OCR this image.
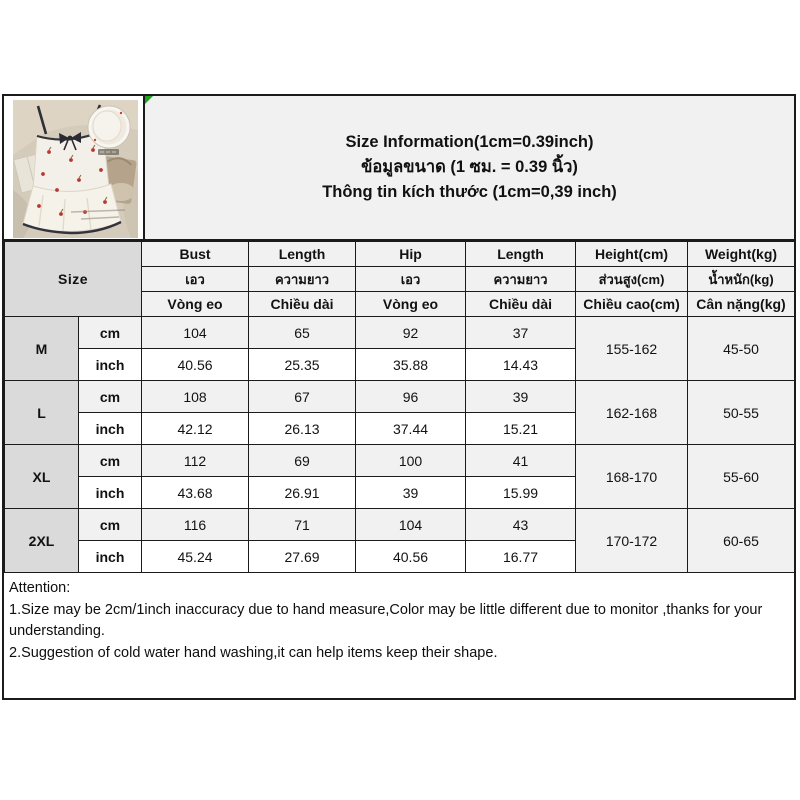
Size Information(1cm=0.39inch)
ข้อมูลขนาด (1 ซม. = 0.39 นิ้ว)
Thông tin kích thước (1cm=0,39 inch)
Size		Bust	Length	Hip	Length	Height(cm)	Weight(kg)
		เอว	ความยาว	เอว	ความยาว	ส่วนสูง(cm)	น้ำหนัก(kg)
		Vòng eo	Chiều dài	Vòng eo	Chiều dài	Chiều cao(cm)	Cân nặng(kg)
M	cm	104	65	92	37	155-162	45-50
	inch	40.56	25.35	35.88	14.43		
L	cm	108	67	96	39	162-168	50-55
	inch	42.12	26.13	37.44	15.21		
XL	cm	112	69	100	41	168-170	55-60
	inch	43.68	26.91	39	15.99		
2XL	cm	116	71	104	43	170-172	60-65
	inch	45.24	27.69	40.56	16.77		

Attention:

1.Size may be 2cm/1inch inaccuracy due to hand measure,Color may be little different due to monitor ,thanks for your understanding.

2.Suggestion of cold water hand washing,it can help items keep their shape.
